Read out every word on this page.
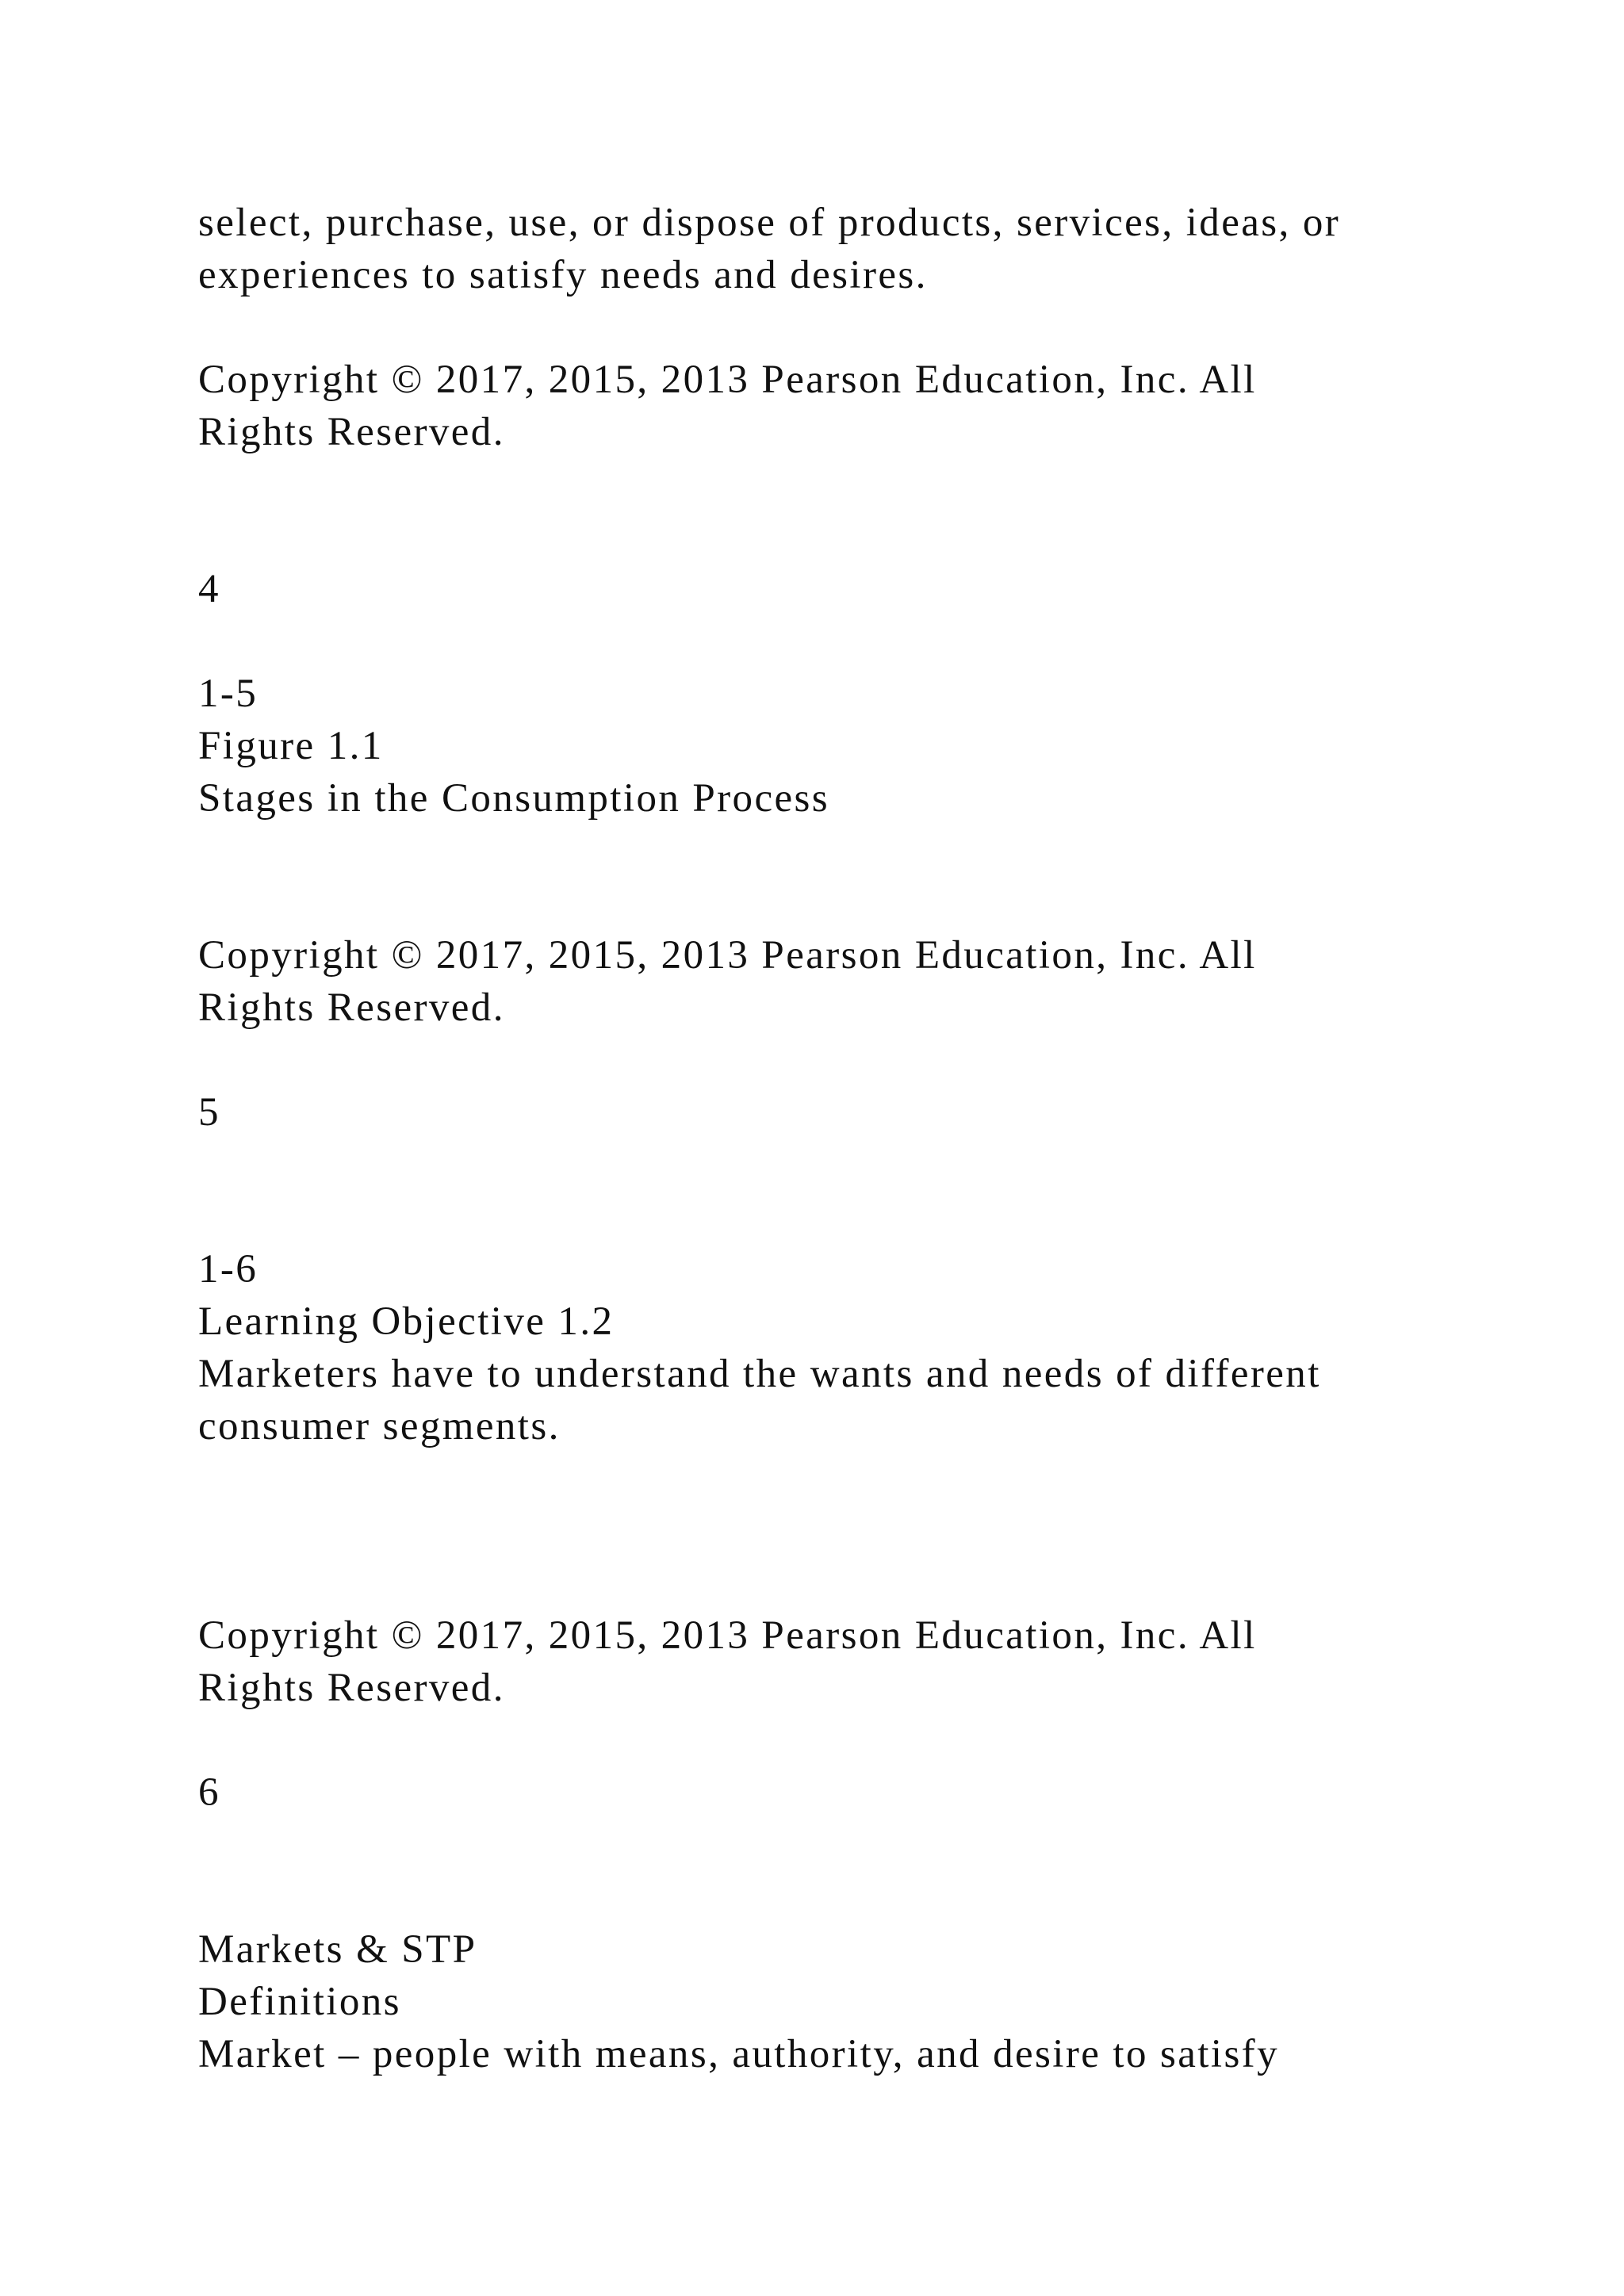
select, purchase, use, or dispose of products, services, ideas, or

experiences to satisfy needs and desires.

Copyright © 2017, 2015, 2013 Pearson Education, Inc. All

Rights Reserved.

4

1-5

Figure 1.1

Stages in the Consumption Process

Copyright © 2017, 2015, 2013 Pearson Education, Inc. All

Rights Reserved.

5

1-6

Learning Objective 1.2

Marketers have to understand the wants and needs of different

consumer segments.

Copyright © 2017, 2015, 2013 Pearson Education, Inc. All

Rights Reserved.

6

Markets & STP

Definitions

Market – people with means, authority, and desire to satisfy
